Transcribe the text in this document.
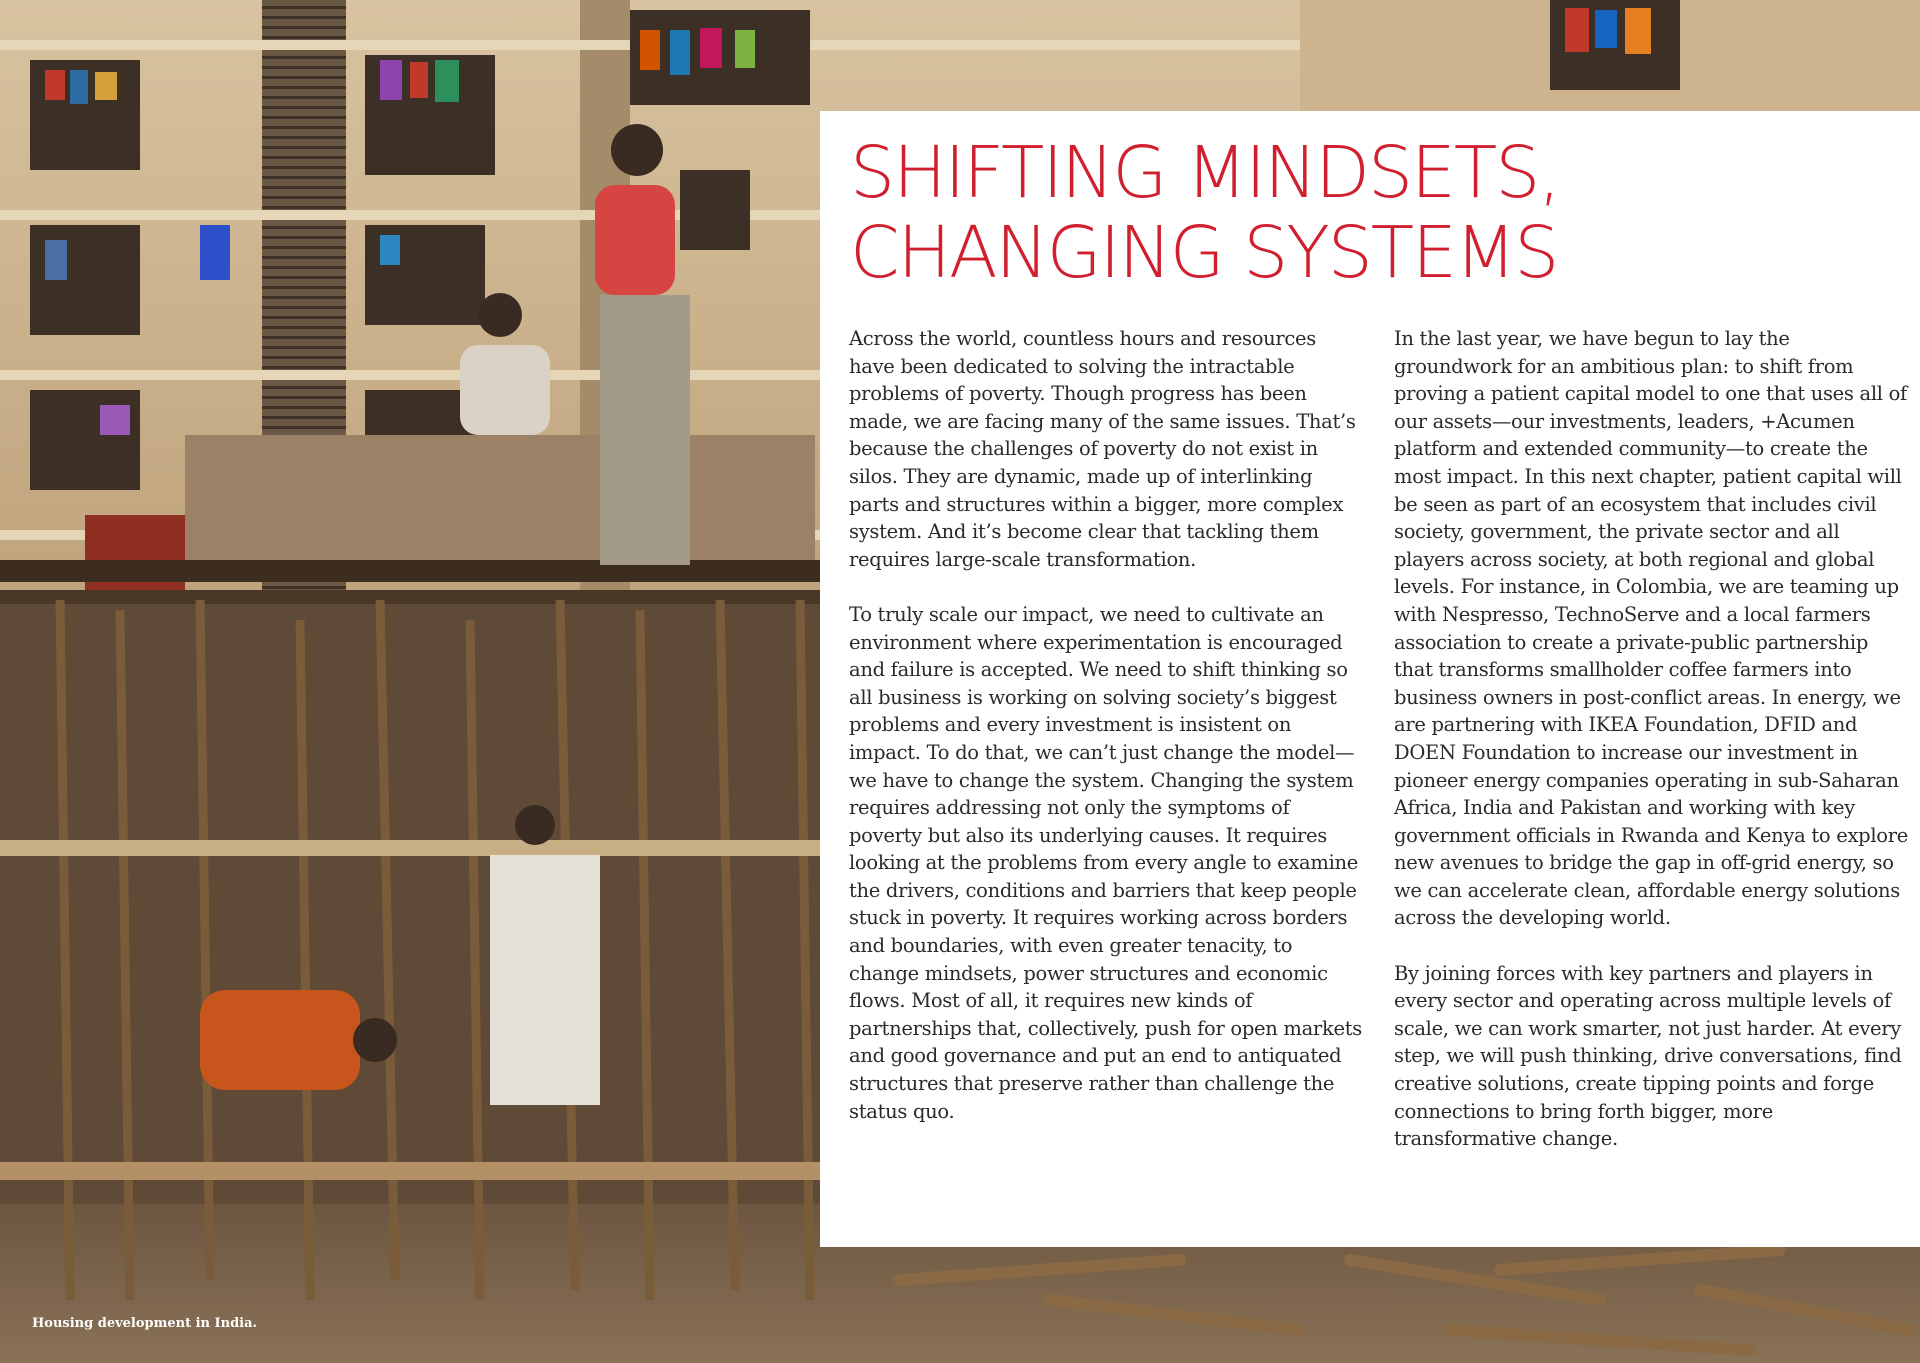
SHIFTING MINDSETS,
CHANGING SYSTEMS

Across the world, countless hours and resources have been dedicated to solving the intractable problems of poverty. Though progress has been made, we are facing many of the same issues. That’s because the challenges of poverty do not exist in silos. They are dynamic, made up of interlinking parts and structures within a bigger, more complex system. And it’s become clear that tackling them requires large-scale transformation.

To truly scale our impact, we need to cultivate an environment where experimentation is encouraged and failure is accepted. We need to shift thinking so all business is working on solving society’s biggest problems and every investment is insistent on impact. To do that, we can’t just change the model—we have to change the system. Changing the system requires addressing not only the symptoms of poverty but also its underlying causes. It requires looking at the problems from every angle to examine the drivers, conditions and barriers that keep people stuck in poverty. It requires working across borders and boundaries, with even greater tenacity, to change mindsets, power structures and economic flows. Most of all, it requires new kinds of partnerships that, collectively, push for open markets and good governance and put an end to antiquated structures that preserve rather than challenge the status quo.

In the last year, we have begun to lay the groundwork for an ambitious plan: to shift from proving a patient capital model to one that uses all of our assets—our investments, leaders, +Acumen platform and extended community—to create the most impact. In this next chapter, patient capital will be seen as part of an ecosystem that includes civil society, government, the private sector and all players across society, at both regional and global levels. For instance, in Colombia, we are teaming up with Nespresso, TechnoServe and a local farmers association to create a private-public partnership that transforms smallholder coffee farmers into business owners in post-conflict areas. In energy, we are partnering with IKEA Foundation, DFID and DOEN Foundation to increase our investment in pioneer energy companies operating in sub-Saharan Africa, India and Pakistan and working with key government officials in Rwanda and Kenya to explore new avenues to bridge the gap in off-grid energy, so we can accelerate clean, affordable energy solutions across the developing world.

By joining forces with key partners and players in every sector and operating across multiple levels of scale, we can work smarter, not just harder. At every step, we will push thinking, drive conversations, find creative solutions, create tipping points and forge connections to bring forth bigger, more transformative change.

Housing development in India.
